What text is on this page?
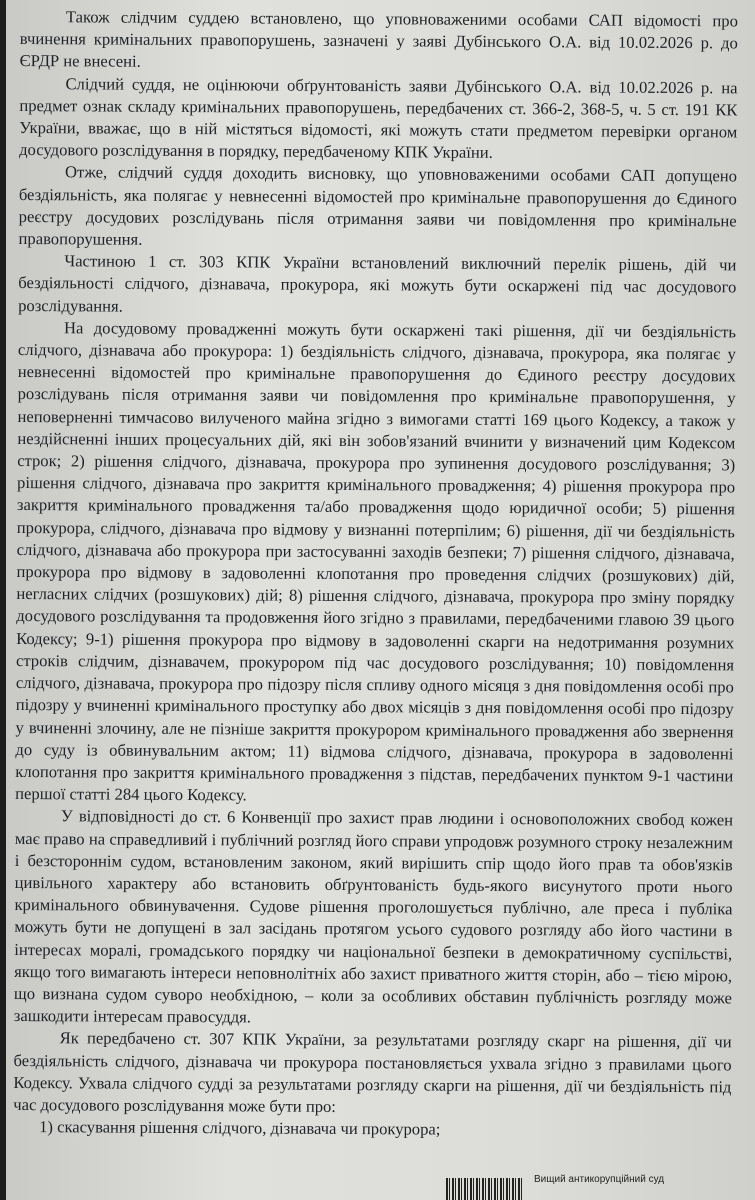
Також слідчим суддею встановлено, що уповноваженими особами САП відомості про вчинення кримінальних правопорушень, зазначені у заяві Дубінського О.А. від 10.02.2026 р. до ЄРДР не внесені.

Слідчий суддя, не оцінюючи обґрунтованість заяви Дубінського О.А. від 10.02.2026 р. на предмет ознак складу кримінальних правопорушень, передбачених ст. 366-2, 368-5, ч. 5 ст. 191 КК України, вважає, що в ній містяться відомості, які можуть стати предметом перевірки органом досудового розслідування в порядку, передбаченому КПК України.

Отже, слідчий суддя доходить висновку, що уповноваженими особами САП допущено бездіяльність, яка полягає у невнесенні відомостей про кримінальне правопорушення до Єдиного реєстру досудових розслідувань після отримання заяви чи повідомлення про кримінальне правопорушення.

Частиною 1 ст. 303 КПК України встановлений виключний перелік рішень, дій чи бездіяльності слідчого, дізнавача, прокурора, які можуть бути оскаржені під час досудового розслідування.

На досудовому провадженні можуть бути оскаржені такі рішення, дії чи бездіяльність слідчого, дізнавача або прокурора: 1) бездіяльність слідчого, дізнавача, прокурора, яка полягає у невнесенні відомостей про кримінальне правопорушення до Єдиного реєстру досудових розслідувань після отримання заяви чи повідомлення про кримінальне правопорушення, у неповерненні тимчасово вилученого майна згідно з вимогами статті 169 цього Кодексу, а також у нездійсненні інших процесуальних дій, які він зобов'язаний вчинити у визначений цим Кодексом строк; 2) рішення слідчого, дізнавача, прокурора про зупинення досудового розслідування; 3) рішення слідчого, дізнавача про закриття кримінального провадження; 4) рішення прокурора про закриття кримінального провадження та/або провадження щодо юридичної особи; 5) рішення прокурора, слідчого, дізнавача про відмову у визнанні потерпілим; 6) рішення, дії чи бездіяльність слідчого, дізнавача або прокурора при застосуванні заходів безпеки; 7) рішення слідчого, дізнавача, прокурора про відмову в задоволенні клопотання про проведення слідчих (розшукових) дій, негласних слідчих (розшукових) дій; 8) рішення слідчого, дізнавача, прокурора про зміну порядку досудового розслідування та продовження його згідно з правилами, передбаченими главою 39 цього Кодексу; 9-1) рішення прокурора про відмову в задоволенні скарги на недотримання розумних строків слідчим, дізнавачем, прокурором під час досудового розслідування; 10) повідомлення слідчого, дізнавача, прокурора про підозру після спливу одного місяця з дня повідомлення особі про підозру у вчиненні кримінального проступку або двох місяців з дня повідомлення особі про підозру у вчиненні злочину, але не пізніше закриття прокурором кримінального провадження або звернення до суду із обвинувальним актом; 11) відмова слідчого, дізнавача, прокурора в задоволенні клопотання про закриття кримінального провадження з підстав, передбачених пунктом 9-1 частини першої статті 284 цього Кодексу.

У відповідності до ст. 6 Конвенції про захист прав людини і основоположних свобод кожен має право на справедливий і публічний розгляд його справи упродовж розумного строку незалежним і безстороннім судом, встановленим законом, який вирішить спір щодо його прав та обов'язків цивільного характеру або встановить обґрунтованість будь-якого висунутого проти нього кримінального обвинувачення. Судове рішення проголошується публічно, але преса і публіка можуть бути не допущені в зал засідань протягом усього судового розгляду або його частини в інтересах моралі, громадського порядку чи національної безпеки в демократичному суспільстві, якщо того вимагають інтереси неповнолітніх або захист приватного життя сторін, або – тією мірою, що визнана судом суворо необхідною, – коли за особливих обставин публічність розгляду може зашкодити інтересам правосуддя.

Як передбачено ст. 307 КПК України, за результатами розгляду скарг на рішення, дії чи бездіяльність слідчого, дізнавача чи прокурора постановляється ухвала згідно з правилами цього Кодексу. Ухвала слідчого судді за результатами розгляду скарги на рішення, дії чи бездіяльність під час досудового розслідування може бути про:

1) скасування рішення слідчого, дізнавача чи прокурора;

Вищий антикорупційний суд
